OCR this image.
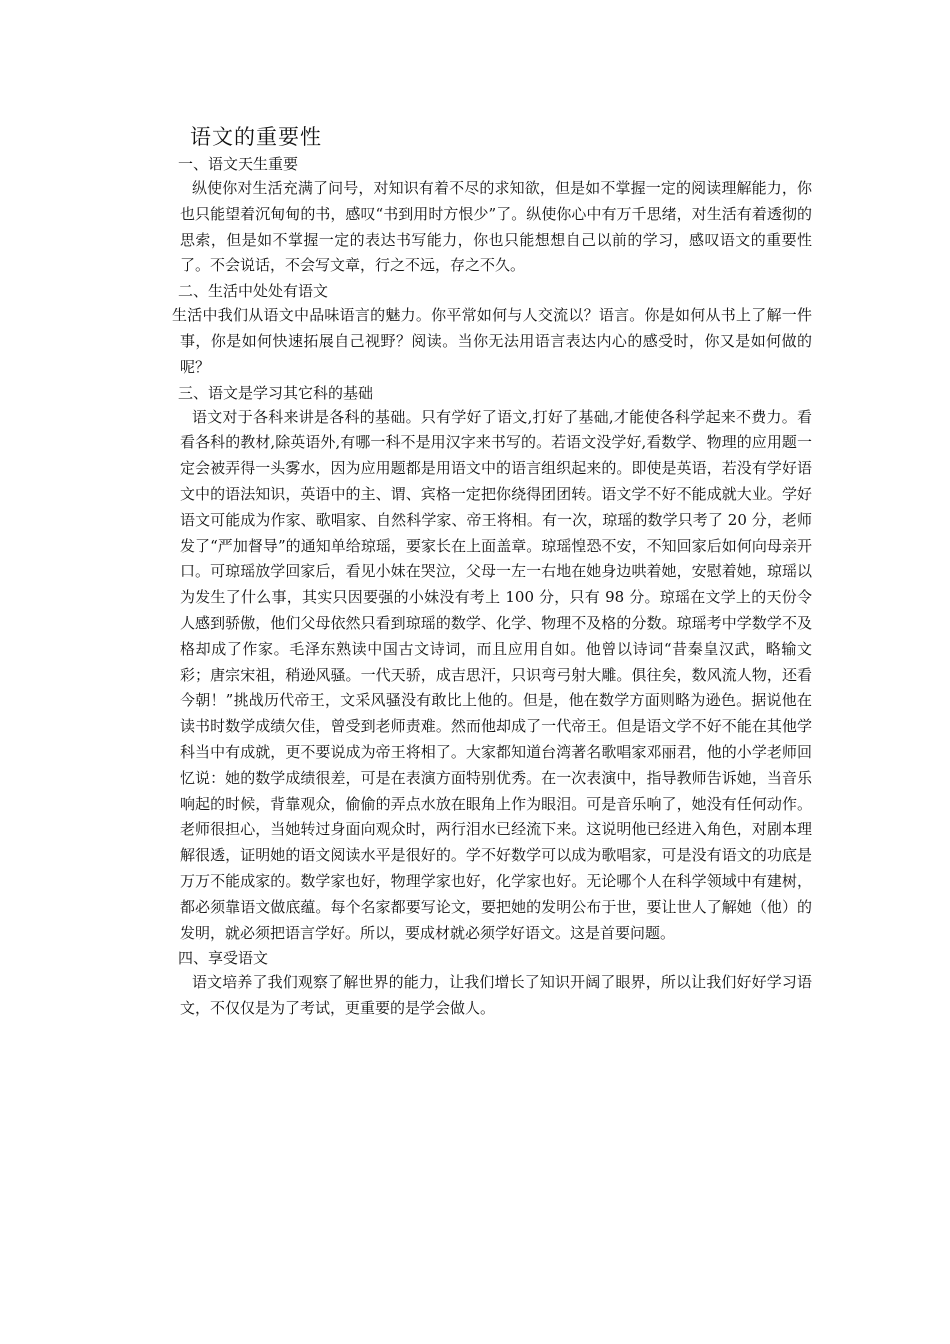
语文的重要性
一、语文天生重要

纵使你对生活充满了问号，对知识有着不尽的求知欲，但是如不掌握一定的阅读理解能力，你也只能望着沉甸甸的书，感叹“书到用时方恨少”了。纵使你心中有万千思绪，对生活有着透彻的思索，但是如不掌握一定的表达书写能力，你也只能想想自己以前的学习，感叹语文的重要性了。不会说话，不会写文章，行之不远，存之不久。

二、生活中处处有语文

生活中我们从语文中品味语言的魅力。你平常如何与人交流以？语言。你是如何从书上了解一件事，你是如何快速拓展自己视野？阅读。当你无法用语言表达内心的感受时，你又是如何做的呢？

三、语文是学习其它科的基础

语文对于各科来讲是各科的基础。只有学好了语文,打好了基础,才能使各科学起来不费力。看看各科的教材,除英语外,有哪一科不是用汉字来书写的。若语文没学好,看数学、物理的应用题一定会被弄得一头雾水，因为应用题都是用语文中的语言组织起来的。即使是英语，若没有学好语文中的语法知识，英语中的主、谓、宾格一定把你绕得团团转。语文学不好不能成就大业。学好语文可能成为作家、歌唱家、自然科学家、帝王将相。有一次，琼瑶的数学只考了 20 分，老师发了“严加督导”的通知单给琼瑶，要家长在上面盖章。琼瑶惶恐不安，不知回家后如何向母亲开口。可琼瑶放学回家后，看见小妹在哭泣，父母一左一右地在她身边哄着她，安慰着她，琼瑶以为发生了什么事，其实只因要强的小妹没有考上 100 分，只有 98 分。琼瑶在文学上的天份令人感到骄傲，他们父母依然只看到琼瑶的数学、化学、物理不及格的分数。琼瑶考中学数学不及格却成了作家。毛泽东熟读中国古文诗词，而且应用自如。他曾以诗词“昔秦皇汉武，略输文彩；唐宗宋祖，稍逊风骚。一代天骄，成吉思汗，只识弯弓射大雕。俱往矣，数风流人物，还看今朝！”挑战历代帝王，文采风骚没有敢比上他的。但是，他在数学方面则略为逊色。据说他在读书时数学成绩欠佳，曾受到老师责难。然而他却成了一代帝王。但是语文学不好不能在其他学科当中有成就，更不要说成为帝王将相了。大家都知道台湾著名歌唱家邓丽君，他的小学老师回忆说：她的数学成绩很差，可是在表演方面特别优秀。在一次表演中，指导教师告诉她，当音乐响起的时候，背靠观众，偷偷的弄点水放在眼角上作为眼泪。可是音乐响了，她没有任何动作。老师很担心，当她转过身面向观众时，两行泪水已经流下来。这说明他已经进入角色，对剧本理解很透，证明她的语文阅读水平是很好的。学不好数学可以成为歌唱家，可是没有语文的功底是万万不能成家的。数学家也好，物理学家也好，化学家也好。无论哪个人在科学领域中有建树，都必须靠语文做底蕴。每个名家都要写论文，要把她的发明公布于世，要让世人了解她（他）的发明，就必须把语言学好。所以，要成材就必须学好语文。这是首要问题。

四、享受语文

语文培养了我们观察了解世界的能力，让我们增长了知识开阔了眼界，所以让我们好好学习语文，不仅仅是为了考试，更重要的是学会做人。
